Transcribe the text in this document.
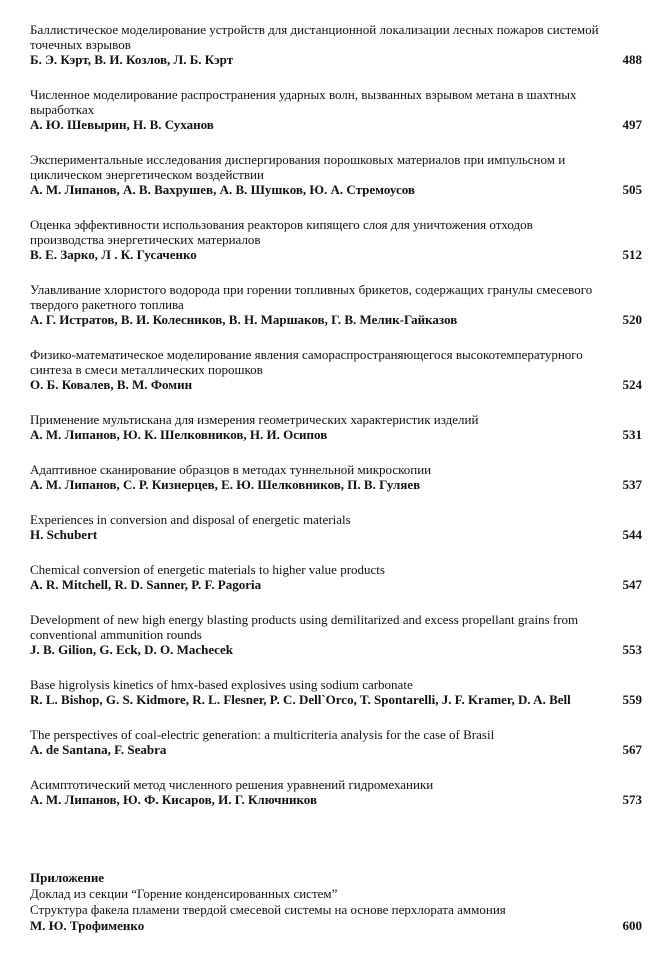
Баллистическое моделирование устройств для дистанционной локализации лесных пожаров системой точечных взрывов
Б. Э. Кэрт, В. И. Козлов, Л. Б. Кэрт	488
Численное моделирование распространения ударных волн, вызванных взрывом метана в шахтных выработках
А. Ю. Шевырин, Н. В. Суханов	497
Экспериментальные исследования диспергирования порошковых материалов при импульсном и циклическом энергетическом воздействии
А. М. Липанов, А. В. Вахрушев, А. В. Шушков, Ю. А. Стремоусов	505
Оценка эффективности использования реакторов кипящего слоя для уничтожения отходов производства энергетических материалов
В. Е. Зарко, Л . К. Гусаченко	512
Улавливание хлористого водорода при горении топливных брикетов, содержащих гранулы смесевого твердого ракетного топлива
А. Г. Истратов, В. И. Колесников, В. Н. Маршаков, Г. В. Мелик-Гайказов	520
Физико-математическое моделирование явления самораспространяющегося высокотемпературного синтеза в смеси металлических порошков
О. Б. Ковалев, В. М. Фомин	524
Применение мультискана для измерения геометрических характеристик изделий
А. М. Липанов, Ю. К. Шелковников, Н. И. Осипов	531
Адаптивное сканирование образцов в методах туннельной микроскопии
А. М. Липанов, С. Р. Кизнерцев, Е. Ю. Шелковников, П. В. Гуляев	537
Experiences in conversion and disposal of energetic materials
H. Schubert	544
Chemical conversion of energetic materials to higher value products
A. R. Mitchell, R. D. Sanner, P. F. Pagoria	547
Development of new high energy blasting products using demilitarized and excess propellant grains from conventional ammunition rounds
J. B. Gilion, G. Eck, D. O. Machecek	553
Base higrolysis kinetics of hmx-based explosives using sodium carbonate
R. L. Bishop, G. S. Kidmore, R. L. Flesner, P. C. Dell`Orco, T. Spontarelli, J. F. Kramer, D. A. Bell	559
The perspectives of coal-electric generation: a multicriteria analysis for the case of Brasil
A. de Santana, F. Seabra	567
Асимптотический метод численного решения уравнений гидромеханики
А. М. Липанов, Ю. Ф. Кисаров, И. Г. Ключников	573
Приложение
Доклад из секции “Горение конденсированных систем”
Структура факела пламени твердой смесевой системы на основе перхлората аммония
М. Ю. Трофименко	600
